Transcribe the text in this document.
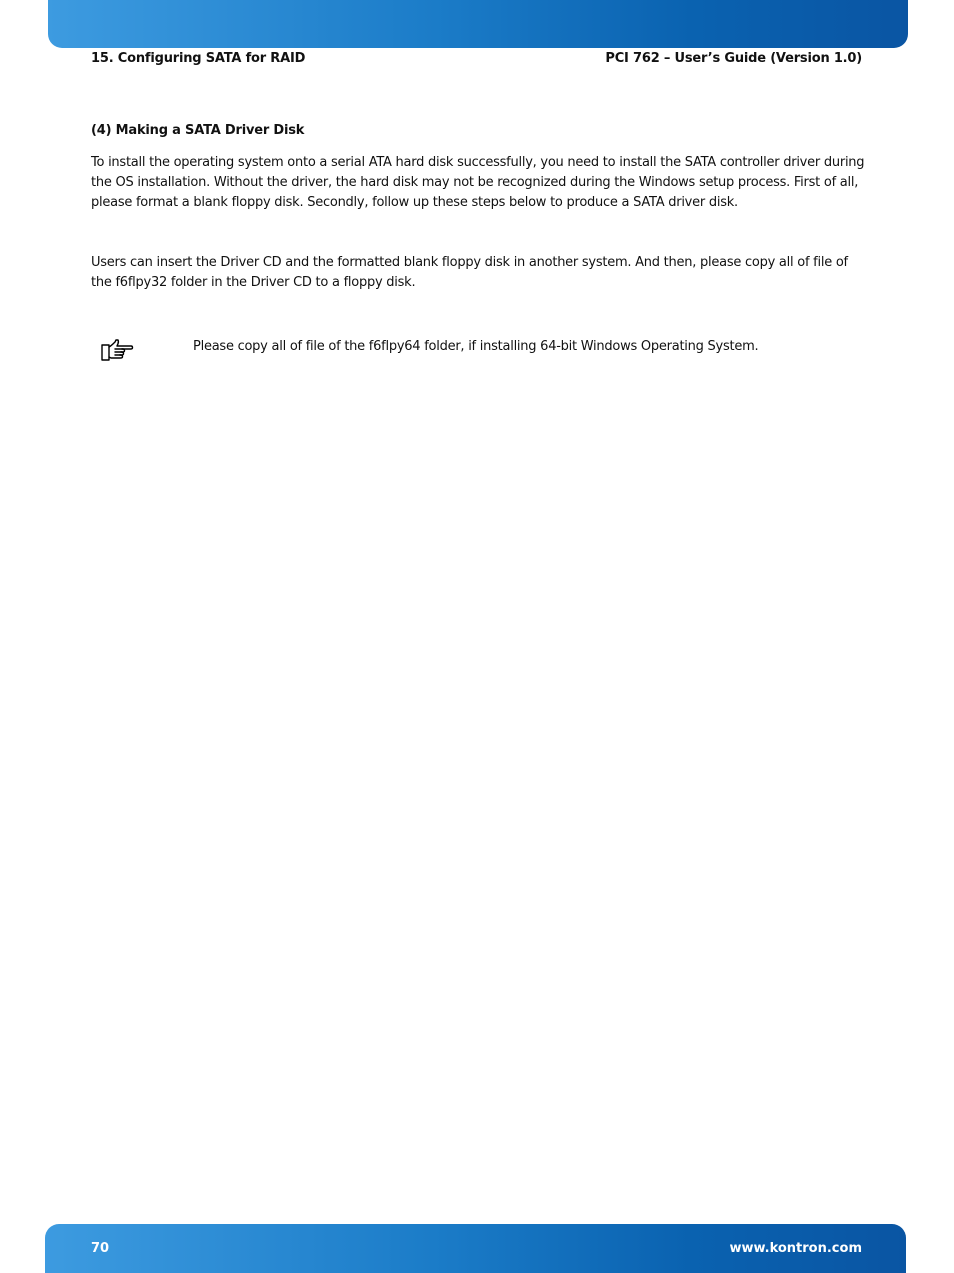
15. Configuring SATA for RAID	PCI 762 – User’s Guide (Version 1.0)
(4) Making a SATA Driver Disk
To install the operating system onto a serial ATA hard disk successfully, you need to install the SATA controller driver during the OS installation. Without the driver, the hard disk may not be recognized during the Windows setup process. First of all, please format a blank floppy disk. Secondly, follow up these steps below to produce a SATA driver disk.
Users can insert the Driver CD and the formatted blank floppy disk in another system. And then, please copy all of file of the f6flpy32 folder in the Driver CD to a floppy disk.
Please copy all of file of the f6flpy64 folder, if installing 64-bit Windows Operating System.
70	www.kontron.com
